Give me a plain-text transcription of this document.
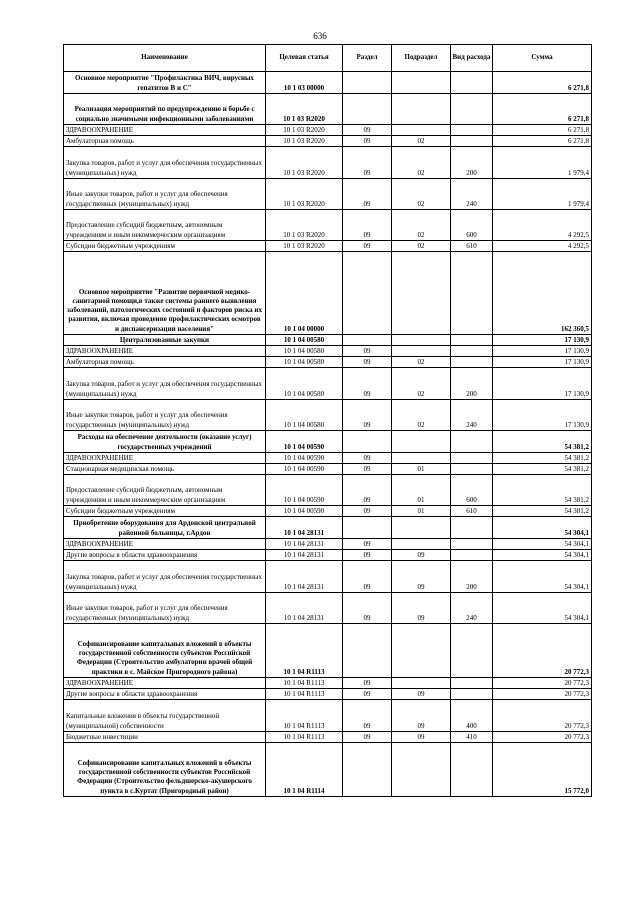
636
Наименование	Целевая статья	Раздел	Подраздел	Вид расхода	Сумма
Основное мероприятие "Профилактика ВИЧ, вирусных гепатитов В и С"	10 1 03 00000				6 271,8
Реализация мероприятий по предупреждению и борьбе с социально значимыми инфекционными заболеваниями	10 1 03 R2020				6 271,8
ЗДРАВООХРАНЕНИЕ	10 1 03 R2020	09			6 271,8
Амбулаторная помощь	10 1 03 R2020	09	02		6 271,8
Закупка товаров, работ и услуг для обеспечения государственных (муниципальных) нужд	10 1 03 R2020	09	02	200	1 979,4
Иные закупки товаров, работ и услуг для обеспечения государственных (муниципальных) нужд	10 1 03 R2020	09	02	240	1 979,4
Предоставление субсидий бюджетным, автономным учреждениям и иным некоммерческим организациям	10 1 03 R2020	09	02	600	4 292,5
Субсидии бюджетным учреждениям	10 1 03 R2020	09	02	610	4 292,5
Основное мероприятие "Развитие первичной медико-санитарной помощи,в также системы раннего выявления заболеваний, патологических состояний и факторов риска их развития, включая проведение профилактических осмотров и диспансеризации населения"	10 1 04 00000				162 360,5
Централизованные закупки	10 1 04 00580				17 130,9
ЗДРАВООХРАНЕНИЕ	10 1 04 00580	09			17 130,9
Амбулаторная помощь	10 1 04 00580	09	02		17 130,9
Закупка товаров, работ и услуг для обеспечения государственных (муниципальных) нужд	10 1 04 00580	09	02	200	17 130,9
Иные закупки товаров, работ и услуг для обеспечения государственных (муниципальных) нужд	10 1 04 00580	09	02	240	17 130,9
Расходы на обеспечение деятельности (оказание услуг) государственных учреждений	10 1 04 00590				54 381,2
ЗДРАВООХРАНЕНИЕ	10 1 04 00590	09			54 381,2
Стационарная медицинская помощь	10 1 04 00590	09	01		54 381,2
Предоставление субсидий бюджетным, автономным учреждениям и иным некоммерческим организациям	10 1 04 00590	09	01	600	54 381,2
Субсидии бюджетным учреждениям	10 1 04 00590	09	01	610	54 381,2
Приобретение оборудования для Ардонской центральной районной больницы, г.Ардон	10 1 04 28131				54 304,1
ЗДРАВООХРАНЕНИЕ	10 1 04 28131	09			54 304,1
Другие вопросы в области здравоохранения	10 1 04 28131	09	09		54 304,1
Закупка товаров, работ и услуг для обеспечения государственных (муниципальных) нужд	10 1 04 28131	09	09	200	54 304,1
Иные закупки товаров, работ и услуг для обеспечения государственных (муниципальных) нужд	10 1 04 28131	09	09	240	54 304,1
Софинансирование капитальных вложений в объекты государственной собственности субъектов Российской Федерации (Строительство амбулатории врачей общей практики в с. Майское Пригородного района)	10 1 04 R1113				20 772,3
ЗДРАВООХРАНЕНИЕ	10 1 04 R1113	09			20 772,3
Другие вопросы в области здравоохранения	10 1 04 R1113	09	09		20 772,3
Капитальные вложения в объекты государственной (муниципальной) собственности	10 1 04 R1113	09	09	400	20 772,3
Бюджетные инвестиции	10 1 04 R1113	09	09	410	20 772,3
Софинансирование капитальных вложений в объекты государственной собственности субъектов Российской Федерации (Строительство фельдшерско-акушерского пункта в с.Куртат (Пригородный район)	10 1 04 R1114				15 772,0
